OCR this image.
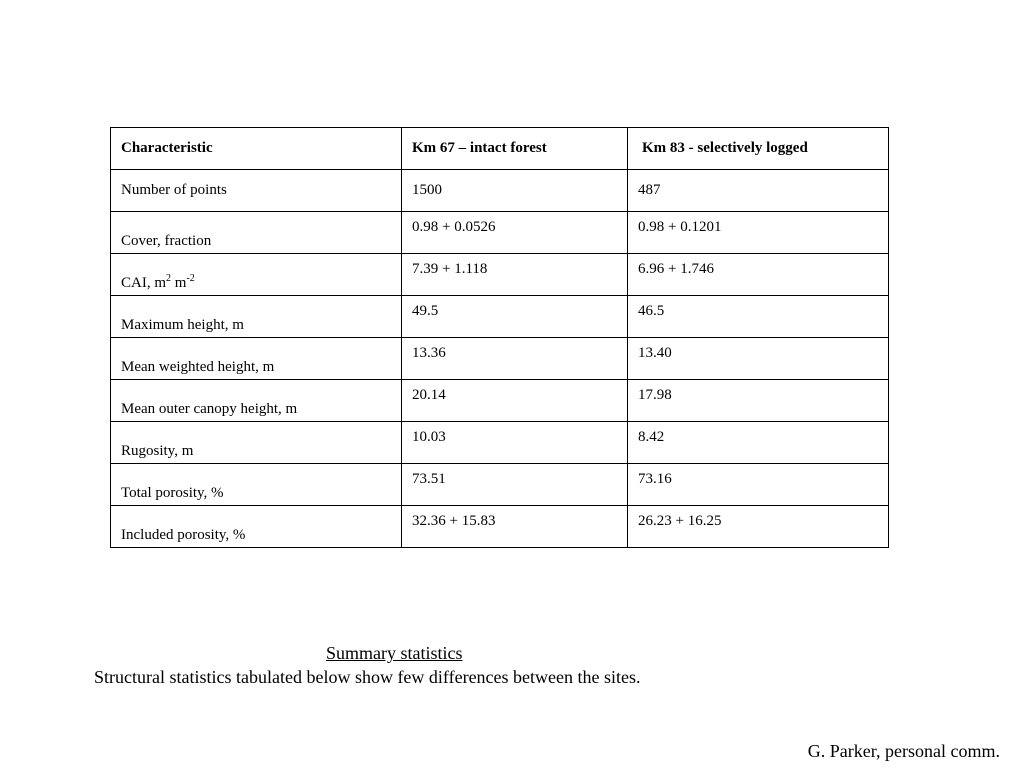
Characteristic	Km 67 – intact forest	Km 83 - selectively logged
Number of points	1500	487
Cover, fraction	0.98 + 0.0526	0.98 + 0.1201
CAI, $m^2$ $m^{-2}$	7.39 + 1.118	6.96 + 1.746
Maximum height, m	49.5	46.5
Mean weighted height, m	13.36	13.40
Mean outer canopy height, m	20.14	17.98
Rugosity, m	10.03	8.42
Total porosity, %	73.51	73.16
Included porosity, %	32.36 + 15.83	26.23 + 16.25
Summary statistics
Structural statistics tabulated below show few differences between the sites.
G. Parker, personal comm.
